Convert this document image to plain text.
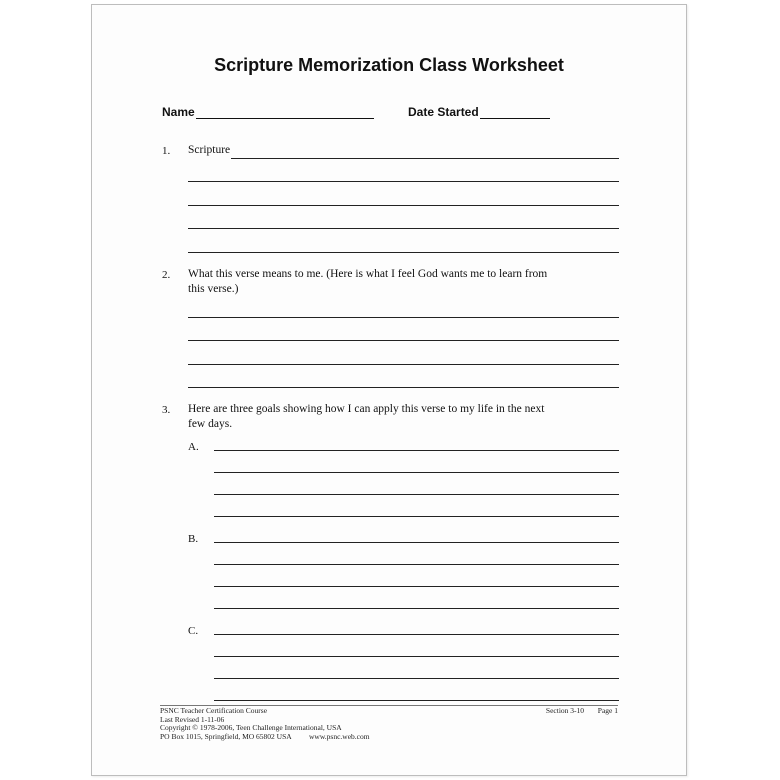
Scripture Memorization Class Worksheet
Name	Date Started
1. Scripture
2. What this verse means to me. (Here is what I feel God wants me to learn from
this verse.)
3. Here are three goals showing how I can apply this verse to my life in the next
few days.
A.
B.
C.
PSNC Teacher Certification Course
Last Revised 1-11-06
Copyright © 1978-2006, Teen Challenge International, USA
PO Box 1015, Springfield, MO 65802 USA www.psnc.web.com
Section 3-10 Page 1
